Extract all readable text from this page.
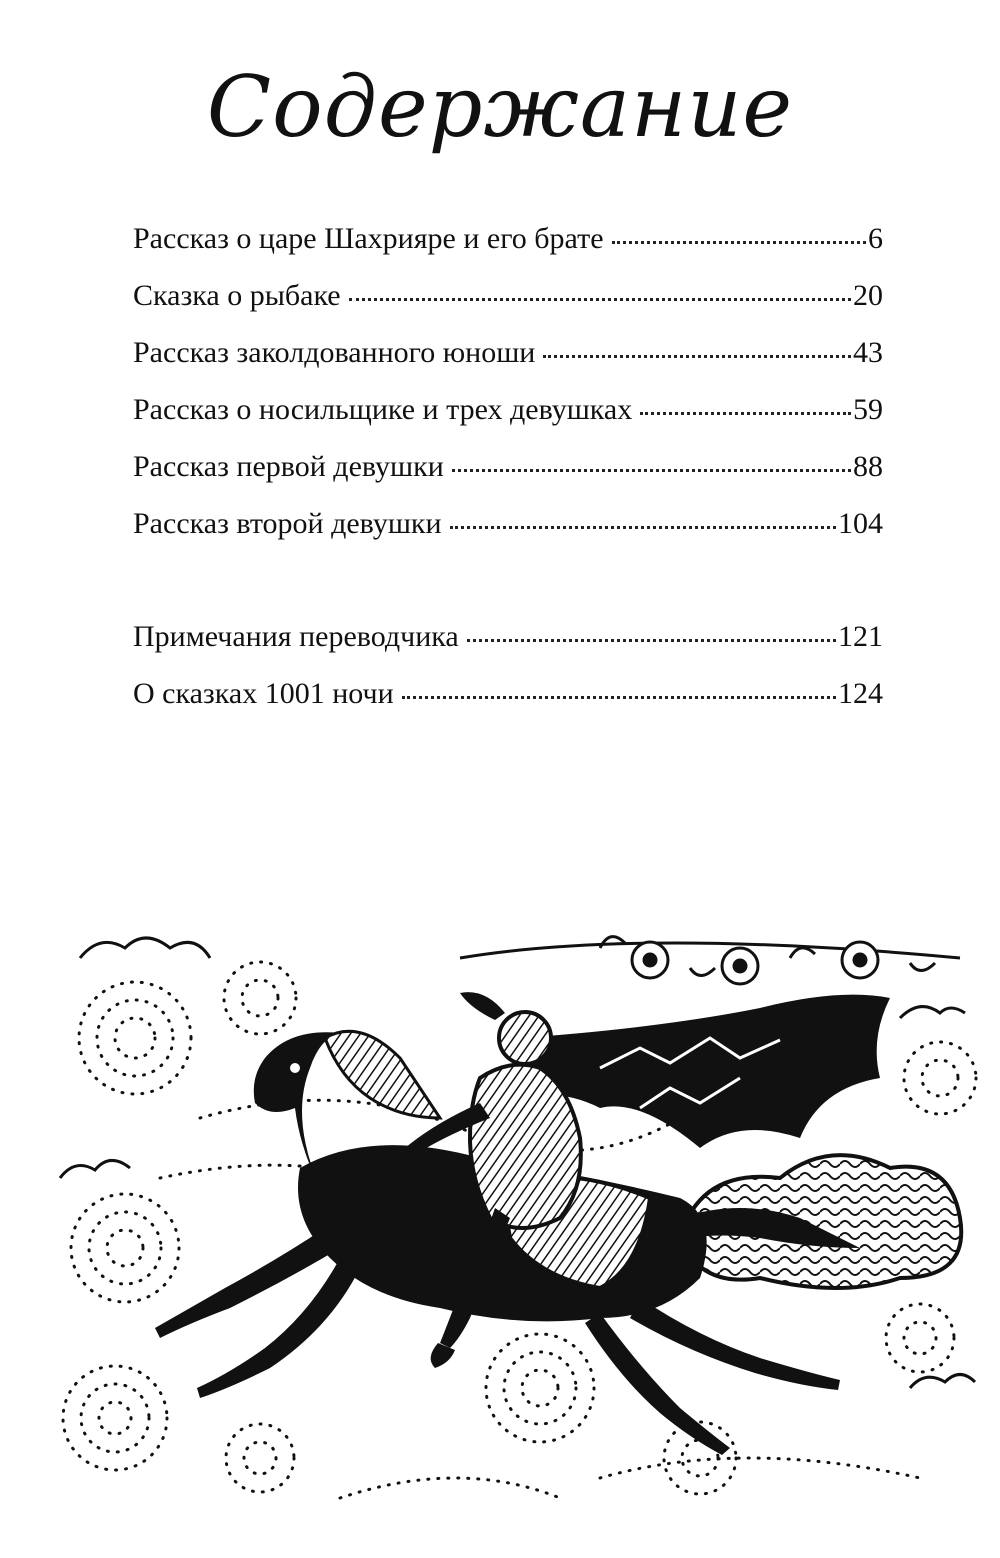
Содержание
Рассказ о царе Шахрияре и его брате	6
Сказка о рыбаке	20
Рассказ заколдованного юноши	43
Рассказ о носильщике и трех девушках	59
Рассказ первой девушки	88
Рассказ второй девушки	104
Примечания переводчика	121
О сказках 1001 ночи	124
